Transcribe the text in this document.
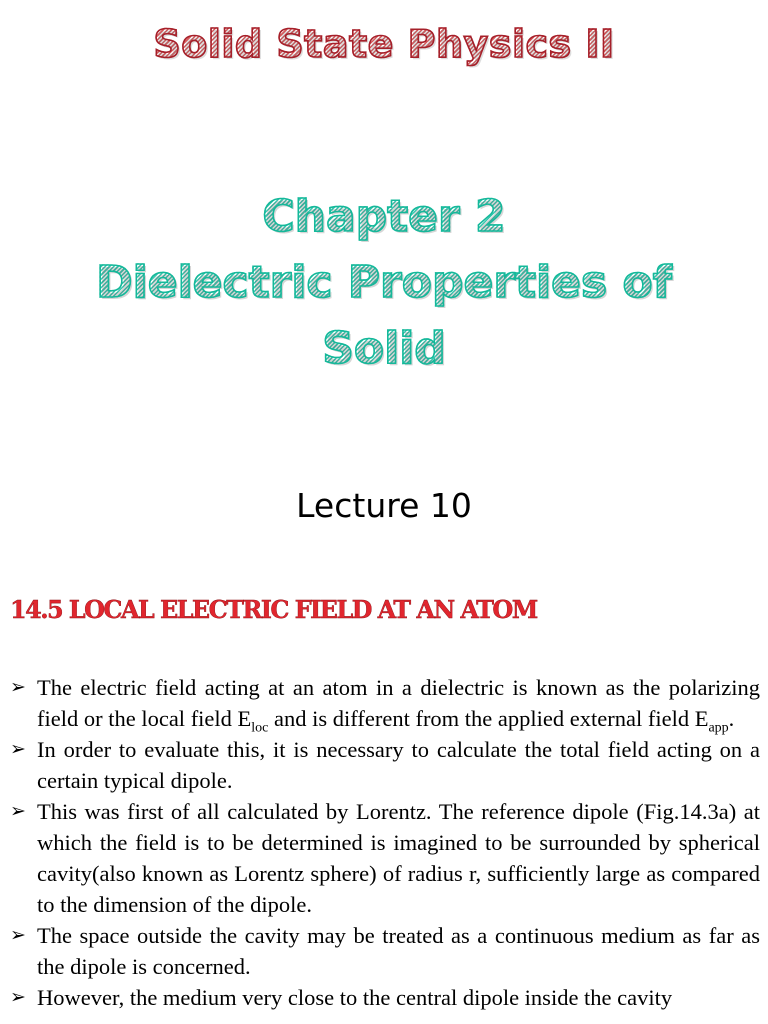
Solid State Physics II
Chapter 2
Dielectric Properties of
Solid

Lecture 10

14.5 LOCAL ELECTRIC FIELD AT AN ATOM
➢ The electric field acting at an atom in a dielectric is known as the polarizing field or the local field $E_{loc}$ and is different from the applied external field $E_{app}$.
➢ In order to evaluate this, it is necessary to calculate the total field acting on a certain typical dipole.
➢ This was first of all calculated by Lorentz. The reference dipole (Fig.14.3a) at which the field is to be determined is imagined to be surrounded by spherical cavity(also known as Lorentz sphere) of radius r, sufficiently large as compared to the dimension of the dipole.
➢ The space outside the cavity may be treated as a continuous medium as far as the dipole is concerned.
➢ However, the medium very close to the central dipole inside the cavity
